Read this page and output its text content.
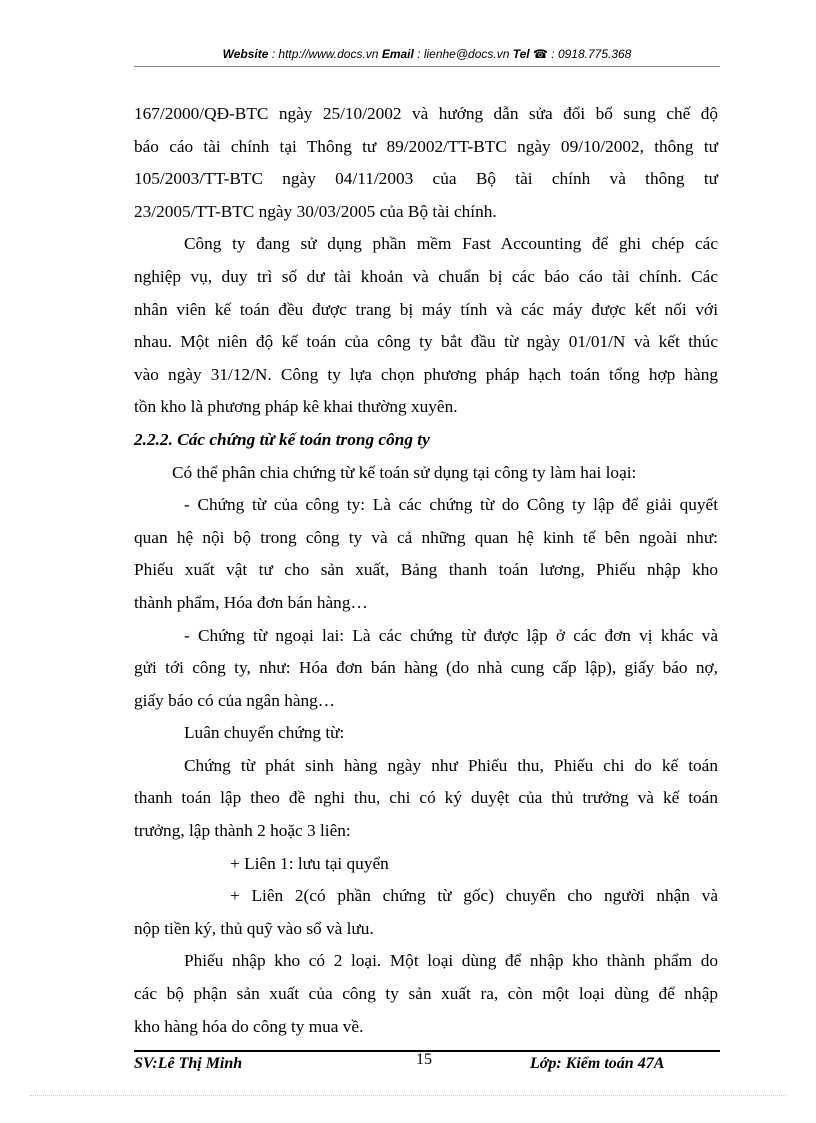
Website : http://www.docs.vn Email : lienhe@docs.vn Tel ☎ : 0918.775.368
167/2000/QĐ-BTC ngày 25/10/2002 và hướng dẫn sửa đổi bổ sung chế độ
báo cáo tài chính tại Thông tư 89/2002/TT-BTC ngày 09/10/2002, thông tư
105/2003/TT-BTC ngày 04/11/2003 của Bộ tài chính và thông tư
23/2005/TT-BTC ngày 30/03/2005 của Bộ tài chính.
Công ty đang sử dụng phần mềm Fast Accounting để ghi chép các
nghiệp vụ, duy trì số dư tài khoản và chuẩn bị các báo cáo tài chính. Các
nhân viên kế toán đều được trang bị máy tính và các máy được kết nối với
nhau. Một niên độ kế toán của công ty bắt đầu từ ngày 01/01/N và kết thúc
vào ngày 31/12/N. Công ty lựa chọn phương pháp hạch toán tổng hợp hàng
tồn kho là phương pháp kê khai thường xuyên.
2.2.2. Các chứng từ kế toán trong công ty
Có thể phân chia chứng từ kế toán sử dụng tại công ty làm hai loại:
- Chứng từ của công ty: Là các chứng từ do Công ty lập để giải quyết
quan hệ nội bộ trong công ty và cả những quan hệ kinh tế bên ngoài như:
Phiếu xuất vật tư cho sản xuất, Bảng thanh toán lương, Phiếu nhập kho
thành phẩm, Hóa đơn bán hàng…
- Chứng từ ngoại lai: Là các chứng từ được lập ở các đơn vị khác và
gửi tới công ty, như: Hóa đơn bán hàng (do nhà cung cấp lập), giấy báo nợ,
giấy báo có của ngân hàng…
Luân chuyển chứng từ:
Chứng từ phát sinh hàng ngày như Phiếu thu, Phiếu chi do kế toán
thanh toán lập theo đề nghi thu, chi có ký duyệt của thủ trưởng và kế toán
trưởng, lập thành 2 hoặc 3 liên:
+ Liên 1: lưu tại quyển
+ Liên 2(có phần chứng từ gốc) chuyển cho người nhận và
nộp tiền ký, thủ quỹ vào sổ và lưu.
Phiếu nhập kho có 2 loại. Một loại dùng để nhập kho thành phẩm do
các bộ phận sản xuất của công ty sản xuất ra, còn một loại dùng để nhập
kho hàng hóa do công ty mua về.
SV:Lê Thị Minh	15	Lớp: Kiểm toán 47A
